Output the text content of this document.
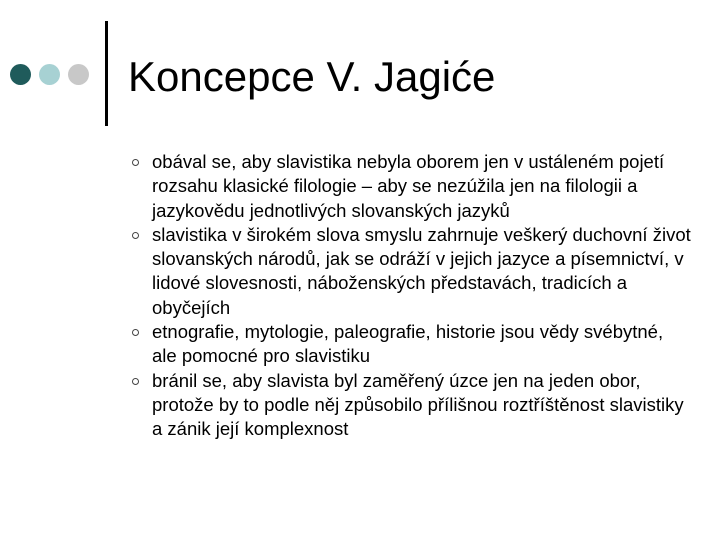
Koncepce V. Jagiće
obával se, aby slavistika nebyla oborem jen v ustáleném pojetí rozsahu klasické filologie – aby se nezúžila jen na filologii a jazykovědu jednotlivých slovanských jazyků
slavistika v širokém slova smyslu zahrnuje veškerý duchovní život slovanských národů, jak se odráží v jejich jazyce a písemnictví, v lidové slovesnosti, náboženských představách, tradicích a obyčejích
etnografie, mytologie, paleografie, historie jsou vědy svébytné, ale pomocné pro slavistiku
bránil se, aby slavista byl zaměřený úzce jen na jeden obor, protože by to podle něj způsobilo přílišnou roztříštěnost slavistiky a zánik její komplexnost
